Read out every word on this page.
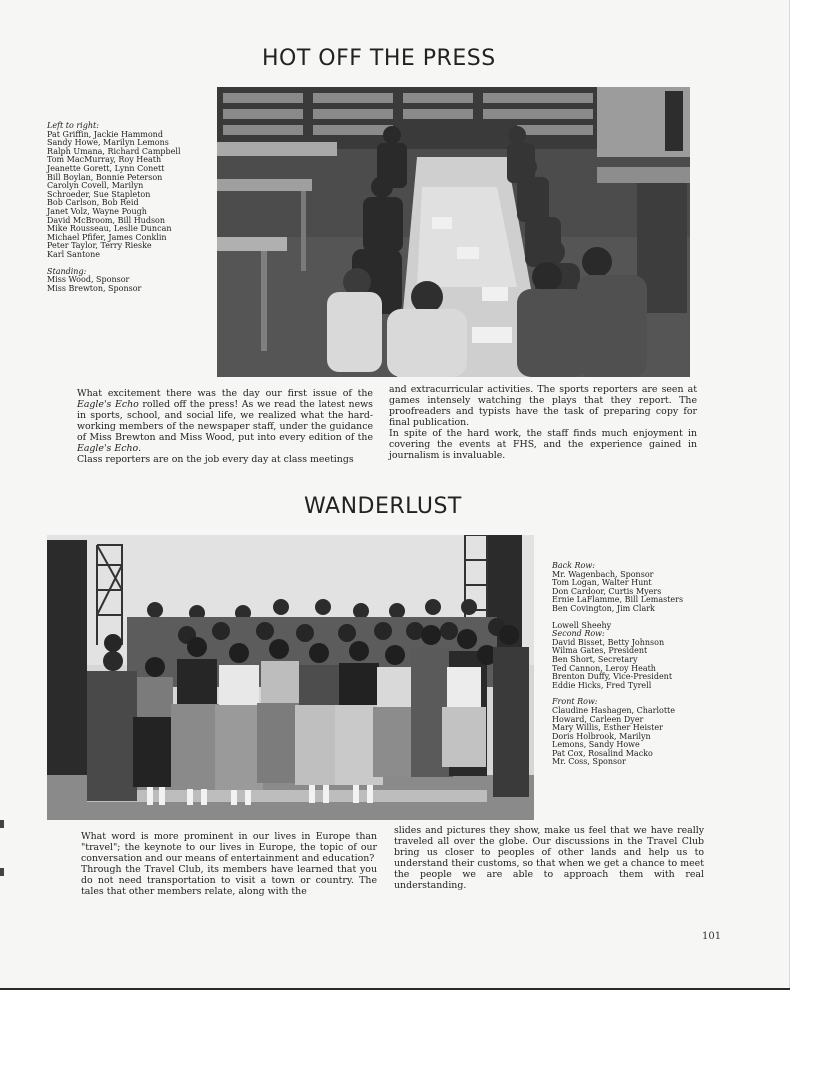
HOT OFF THE PRESS
Left to right:
Pat Griffin, Jackie Hammond
Sandy Howe, Marilyn Lemons
Ralph Umana, Richard Campbell
Tom MacMurray, Roy Heath
Jeanette Gorett, Lynn Conett
Bill Boylan, Bonnie Peterson
Carolyn Covell, Marilyn
Schroeder, Sue Stapleton
Bob Carlson, Bob Reid
Janet Volz, Wayne Pough
David McBroom, Bill Hudson
Mike Rousseau, Leslie Duncan
Michael Pfifer, James Conklin
Peter Taylor, Terry Rieske
Karl Santone
Standing:
Miss Wood, Sponsor
Miss Brewton, Sponsor

What excitement there was the day our first issue of the Eagle's Echo rolled off the press! As we read the latest news in sports, school, and social life, we realized what the hard-working members of the newspaper staff, under the guidance of Miss Brewton and Miss Wood, put into every edition of the Eagle's Echo.

Class reporters are on the job every day at class meetings

and extracurricular activities. The sports reporters are seen at games intensely watching the plays that they report. The proofreaders and typists have the task of preparing copy for final publication.

In spite of the hard work, the staff finds much enjoyment in covering the events at FHS, and the experience gained in journalism is invaluable.

WANDERLUST
Back Row:
Mr. Wagenbach, Sponsor
Tom Logan, Walter Hunt
Don Cardoor, Curtis Myers
Ernie LaFlamme, Bill Lemasters
Ben Covington, Jim Clark
Lowell Sheehy
Second Row:
David Bisset, Betty Johnson
Wilma Gates, President
Ben Short, Secretary
Ted Cannon, Leroy Heath
Brenton Duffy, Vice-President
Eddie Hicks, Fred Tyrell
Front Row:
Claudine Hashagen, Charlotte
Howard, Carleen Dyer
Mary Willis, Esther Heister
Doris Holbrook, Marilyn
Lemons, Sandy Howe
Pat Cox, Rosalind Macko
Mr. Coss, Sponsor

What word is more prominent in our lives in Europe than "travel"; the keynote to our lives in Europe, the topic of our conversation and our means of entertainment and education?

Through the Travel Club, its members have learned that you do not need transportation to visit a town or country. The tales that other members relate, along with the

slides and pictures they show, make us feel that we have really traveled all over the globe. Our discussions in the Travel Club bring us closer to peoples of other lands and help us to understand their customs, so that when we get a chance to meet the people we are able to approach them with real understanding.

101
